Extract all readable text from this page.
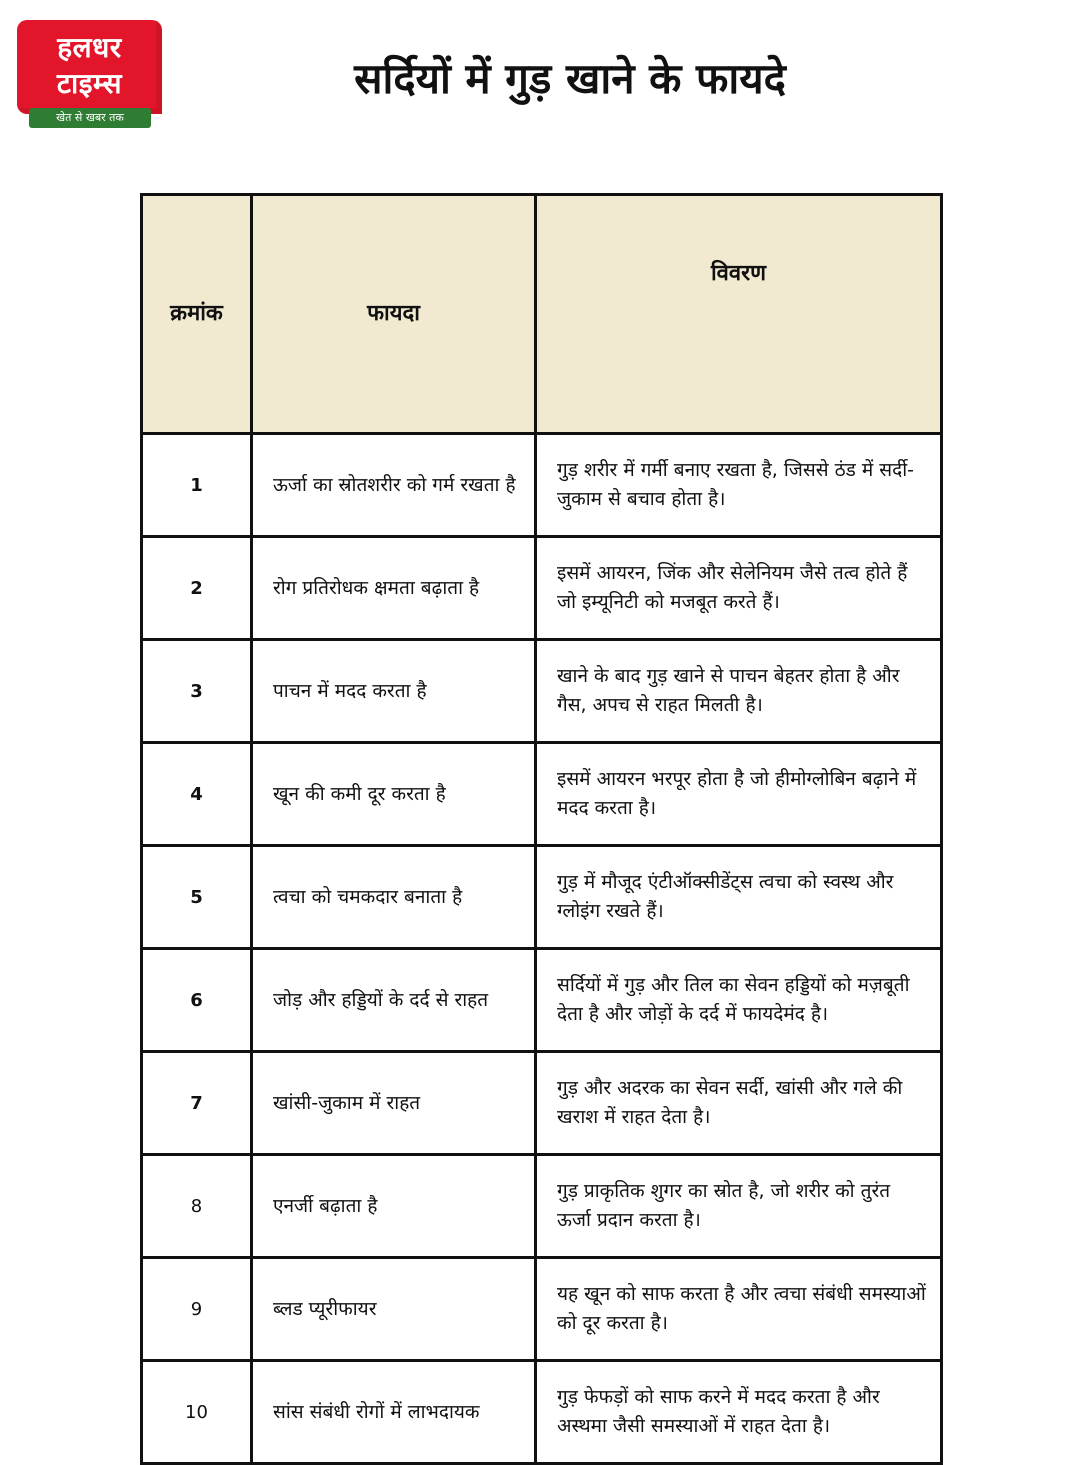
हलधर
टाइम्स
खेत से खबर तक
सर्दियों में गुड़ खाने के फायदे
क्रमांक	फायदा	विवरण
1	ऊर्जा का स्रोतशरीर को गर्म रखता है	गुड़ शरीर में गर्मी बनाए रखता है, जिससे ठंड में सर्दी-जुकाम से बचाव होता है।
2	रोग प्रतिरोधक क्षमता बढ़ाता है	इसमें आयरन, जिंक और सेलेनियम जैसे तत्व होते हैं जो इम्यूनिटी को मजबूत करते हैं।
3	पाचन में मदद करता है	खाने के बाद गुड़ खाने से पाचन बेहतर होता है और गैस, अपच से राहत मिलती है।
4	खून की कमी दूर करता है	इसमें आयरन भरपूर होता है जो हीमोग्लोबिन बढ़ाने में मदद करता है।
5	त्वचा को चमकदार बनाता है	गुड़ में मौजूद एंटीऑक्सीडेंट्स त्वचा को स्वस्थ और ग्लोइंग रखते हैं।
6	जोड़ और हड्डियों के दर्द से राहत	सर्दियों में गुड़ और तिल का सेवन हड्डियों को मज़बूती देता है और जोड़ों के दर्द में फायदेमंद है।
7	खांसी-जुकाम में राहत	गुड़ और अदरक का सेवन सर्दी, खांसी और गले की खराश में राहत देता है।
8	एनर्जी बढ़ाता है	गुड़ प्राकृतिक शुगर का स्रोत है, जो शरीर को तुरंत ऊर्जा प्रदान करता है।
9	ब्लड प्यूरीफायर	यह खून को साफ करता है और त्वचा संबंधी समस्याओं को दूर करता है।
10	सांस संबंधी रोगों में लाभदायक	गुड़ फेफड़ों को साफ करने में मदद करता है और अस्थमा जैसी समस्याओं में राहत देता है।
